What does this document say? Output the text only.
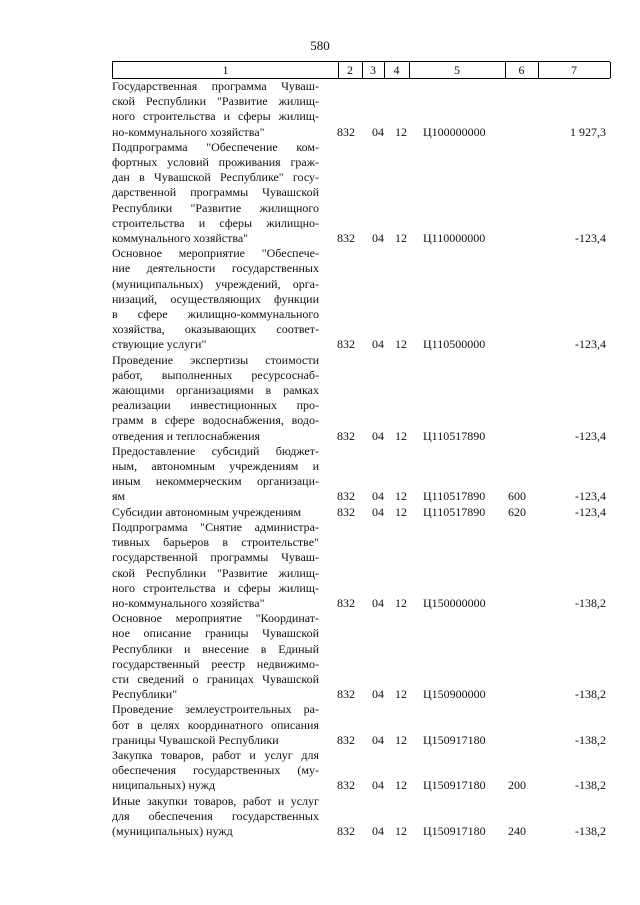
580
1	2	3	4	5	6	7
Государственная программа Чуваш-
ской Республики "Развитие жилищ-
ного строительства и сферы жилищ-
но-коммунального хозяйства"	832 04 12 Ц100000000	1 927,3
Подпрограмма "Обеспечение ком-
фортных условий проживания граж-
дан в Чувашской Республике" госу-
дарственной программы Чувашской
Республики "Развитие жилищного
строительства и сферы жилищно-
коммунального хозяйства"	832 04 12 Ц110000000	-123,4
Основное мероприятие "Обеспече-
ние деятельности государственных
(муниципальных) учреждений, орга-
низаций, осуществляющих функции
в сфере жилищно-коммунального
хозяйства, оказывающих соответ-
ствующие услуги"	832 04 12 Ц110500000	-123,4
Проведение экспертизы стоимости
работ, выполненных ресурсоснаб-
жающими организациями в рамках
реализации инвестиционных про-
грамм в сфере водоснабжения, водо-
отведения и теплоснабжения	832 04 12 Ц110517890	-123,4
Предоставление субсидий бюджет-
ным, автономным учреждениям и
иным некоммерческим организаци-
ям	832 04 12 Ц110517890 600	-123,4
Субсидии автономным учреждениям	832 04 12 Ц110517890 620	-123,4
Подпрограмма "Снятие администра-
тивных барьеров в строительстве"
государственной программы Чуваш-
ской Республики "Развитие жилищ-
ного строительства и сферы жилищ-
но-коммунального хозяйства"	832 04 12 Ц150000000	-138,2
Основное мероприятие "Координат-
ное описание границы Чувашской
Республики и внесение в Единый
государственный реестр недвижимо-
сти сведений о границах Чувашской
Республики"	832 04 12 Ц150900000	-138,2
Проведение землеустроительных ра-
бот в целях координатного описания
границы Чувашской Республики	832 04 12 Ц150917180	-138,2
Закупка товаров, работ и услуг для
обеспечения государственных (му-
ниципальных) нужд	832 04 12 Ц150917180 200	-138,2
Иные закупки товаров, работ и услуг
для обеспечения государственных
(муниципальных) нужд	832 04 12 Ц150917180 240	-138,2
